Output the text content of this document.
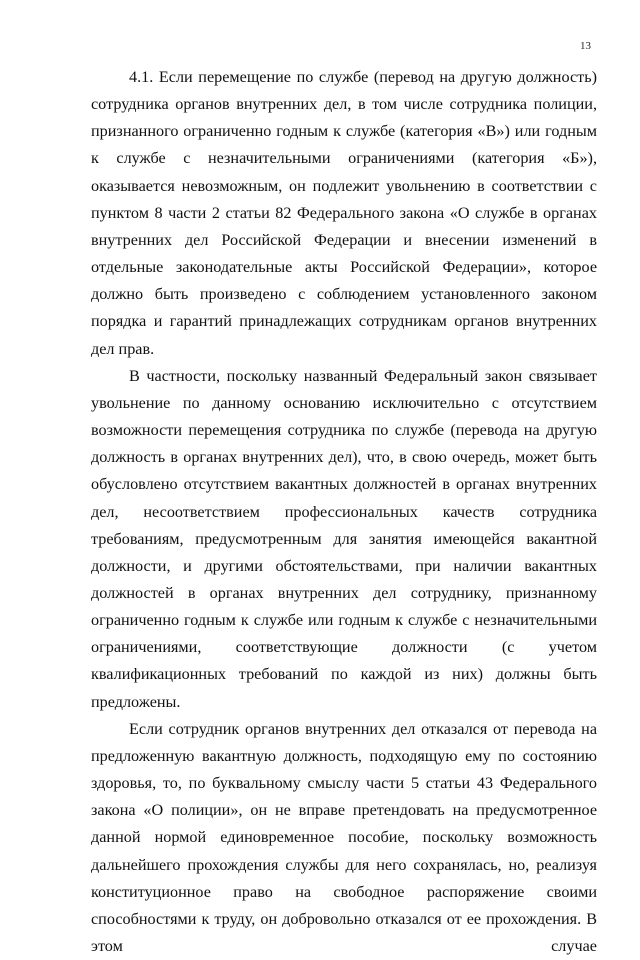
13

4.1. Если перемещение по службе (перевод на другую должность) сотрудника органов внутренних дел, в том числе сотрудника полиции, признанного ограниченно годным к службе (категория «В») или годным к службе с незначительными ограничениями (категория «Б»), оказывается невозможным, он подлежит увольнению в соответствии с пунктом 8 части 2 статьи 82 Федерального закона «О службе в органах внутренних дел Российской Федерации и внесении изменений в отдельные законодательные акты Российской Федерации», которое должно быть произведено с соблюдением установленного законом порядка и гарантий принадлежащих сотрудникам органов внутренних дел прав.

В частности, поскольку названный Федеральный закон связывает увольнение по данному основанию исключительно с отсутствием возможности перемещения сотрудника по службе (перевода на другую должность в органах внутренних дел), что, в свою очередь, может быть обусловлено отсутствием вакантных должностей в органах внутренних дел, несоответствием профессиональных качеств сотрудника требованиям, предусмотренным для занятия имеющейся вакантной должности, и другими обстоятельствами, при наличии вакантных должностей в органах внутренних дел сотруднику, признанному ограниченно годным к службе или годным к службе с незначительными ограничениями, соответствующие должности (с учетом квалификационных требований по каждой из них) должны быть предложены.

Если сотрудник органов внутренних дел отказался от перевода на предложенную вакантную должность, подходящую ему по состоянию здоровья, то, по буквальному смыслу части 5 статьи 43 Федерального закона «О полиции», он не вправе претендовать на предусмотренное данной нормой единовременное пособие, поскольку возможность дальнейшего прохождения службы для него сохранялась, но, реализуя конституционное право на свободное распоряжение своими способностями к труду, он добровольно отказался от ее прохождения. В этом случае
